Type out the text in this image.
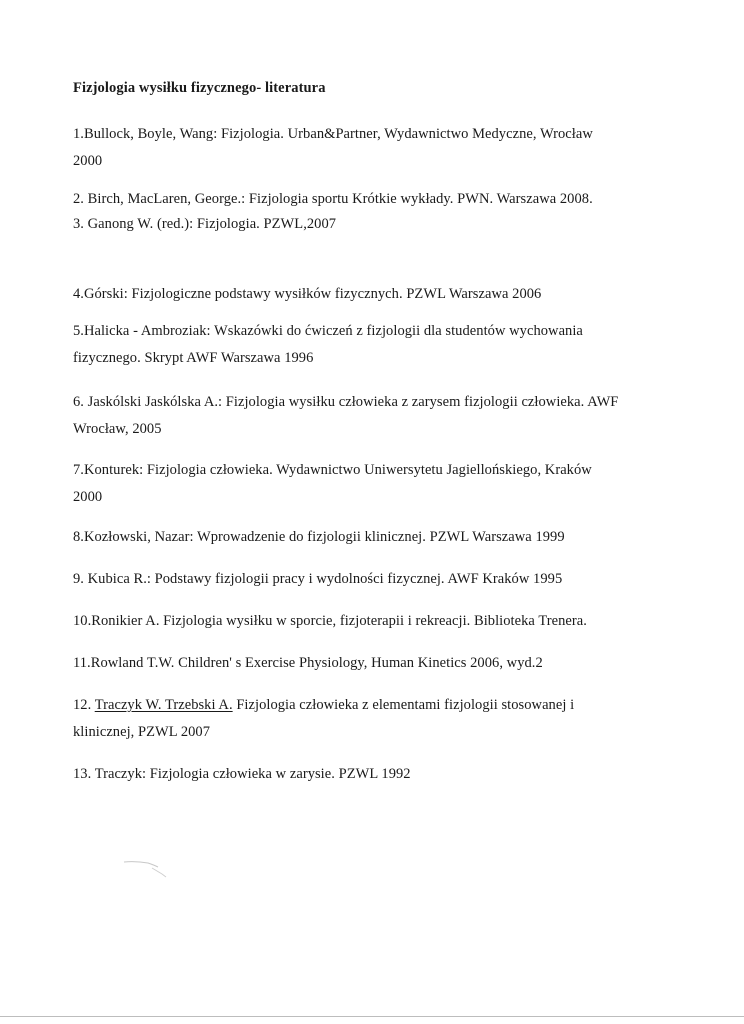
Fizjologia wysiłku fizycznego- literatura
1.Bullock, Boyle, Wang: Fizjologia. Urban&Partner, Wydawnictwo Medyczne, Wrocław
2000
2. Birch, MacLaren, George.: Fizjologia sportu Krótkie wykłady. PWN. Warszawa 2008.
3. Ganong W. (red.): Fizjologia. PZWL,2007
4.Górski: Fizjologiczne podstawy wysiłków fizycznych. PZWL Warszawa 2006
5.Halicka - Ambroziak: Wskazówki do ćwiczeń z fizjologii dla studentów wychowania
fizycznego. Skrypt AWF Warszawa 1996
6. Jaskólski Jaskólska A.: Fizjologia wysiłku człowieka z zarysem fizjologii człowieka. AWF
Wrocław, 2005
7.Konturek: Fizjologia człowieka. Wydawnictwo Uniwersytetu Jagiellońskiego, Kraków
2000
8.Kozłowski, Nazar: Wprowadzenie do fizjologii klinicznej. PZWL Warszawa 1999
9. Kubica R.: Podstawy fizjologii pracy i wydolności fizycznej. AWF Kraków 1995
10.Ronikier A. Fizjologia wysiłku w sporcie, fizjoterapii i rekreacji. Biblioteka Trenera.
11.Rowland T.W. Children' s Exercise Physiology, Human Kinetics 2006, wyd.2
12. Traczyk W. Trzebski A. Fizjologia człowieka z elementami fizjologii stosowanej i
klinicznej, PZWL 2007
13. Traczyk: Fizjologia człowieka w zarysie. PZWL 1992
